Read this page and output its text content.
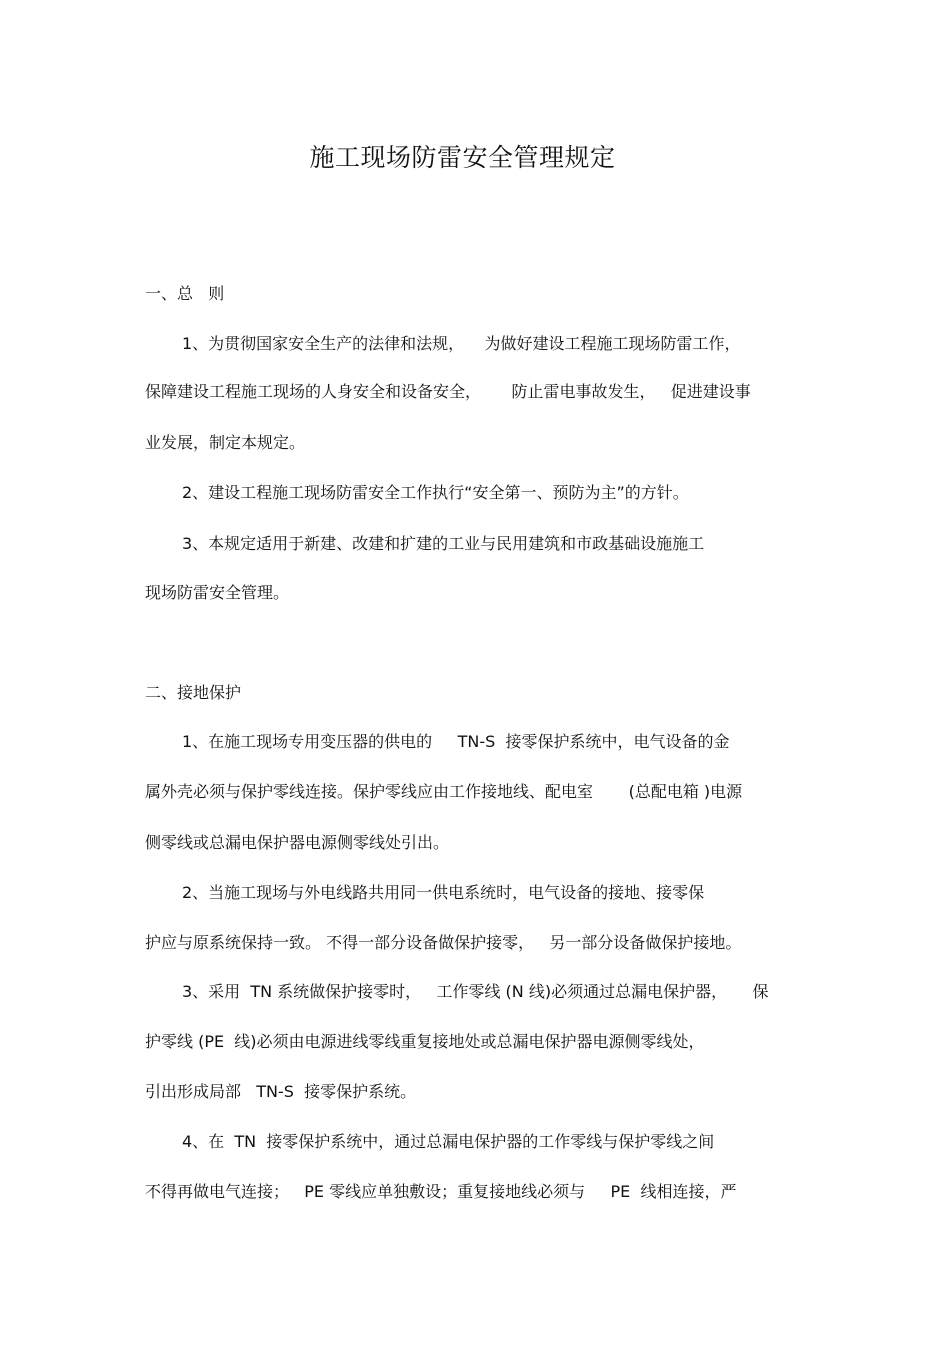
施工现场防雷安全管理规定
一、总   则
1、为贯彻国家安全生产的法律和法规，    为做好建设工程施工现场防雷工作，
保障建设工程施工现场的人身安全和设备安全，      防止雷电事故发生，   促进建设事
业发展，制定本规定。
2、建设工程施工现场防雷安全工作执行“安全第一、预防为主”的方针。
3、本规定适用于新建、改建和扩建的工业与民用建筑和市政基础设施施工
现场防雷安全管理。
二、接地保护
1、在施工现场专用变压器的供电的     TN-S  接零保护系统中，电气设备的金
属外壳必须与保护零线连接。保护零线应由工作接地线、配电室       (总配电箱 )电源
侧零线或总漏电保护器电源侧零线处引出。
2、当施工现场与外电线路共用同一供电系统时，电气设备的接地、接零保
护应与原系统保持一致。 不得一部分设备做保护接零，   另一部分设备做保护接地。
3、采用  TN 系统做保护接零时，   工作零线 (N 线)必须通过总漏电保护器，     保
护零线 (PE  线)必须由电源进线零线重复接地处或总漏电保护器电源侧零线处，
引出形成局部   TN-S  接零保护系统。
4、在  TN  接零保护系统中，通过总漏电保护器的工作零线与保护零线之间
不得再做电气连接；   PE 零线应单独敷设；重复接地线必须与     PE  线相连接，严
